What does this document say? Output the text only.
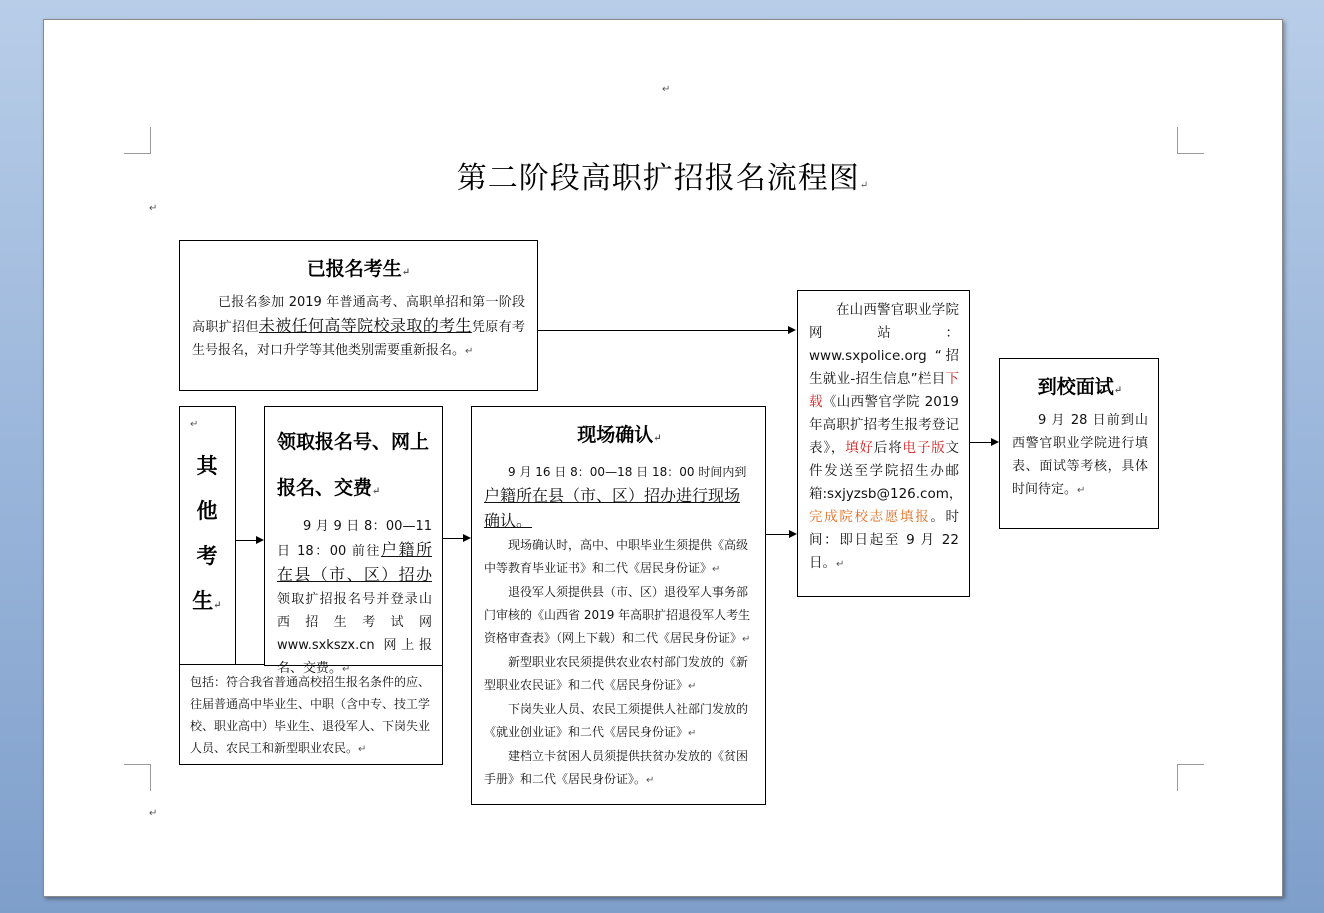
↵
↵
↵
第二阶段高职扩招报名流程图↵
已报名考生↵
已报名参加 2019 年普通高考、高职单招和第一阶段高职扩招但未被任何高等院校录取的考生凭原有考生号报名，对口升学等其他类别需要重新报名。↵
↵
其
他
考
生↵
包括：符合我省普通高校招生报名条件的应、往届普通高中毕业生、中职（含中专、技工学校、职业高中）毕业生、退役军人、下岗失业人员、农民工和新型职业农民。↵
领取报名号、网上报名、交费↵
9 月 9 日 8：00—11 日 18：00 前往户籍所在县（市、区）招办领取扩招报名号并登录山西招生考试网 www.sxkszx.cn 网上报名、交费。↵
现场确认↵
9 月 16 日 8：00—18 日 18：00 时间内到户籍所在县（市、区）招办进行现场确认。
现场确认时，高中、中职毕业生须提供《高级中等教育毕业证书》和二代《居民身份证》↵
退役军人须提供县（市、区）退役军人事务部门审核的《山西省 2019 年高职扩招退役军人考生资格审查表》（网上下载）和二代《居民身份证》↵
新型职业农民须提供农业农村部门发放的《新型职业农民证》和二代《居民身份证》↵
下岗失业人员、农民工须提供人社部门发放的《就业创业证》和二代《居民身份证》↵
建档立卡贫困人员须提供扶贫办发放的《贫困手册》和二代《居民身份证》。↵
在山西警官职业学院网站：www.sxpolice.org “招生就业-招生信息”栏目下载《山西警官学院 2019 年高职扩招考生报考登记表》，填好后将电子版文件发送至学院招生办邮箱:sxjyzsb@126.com，完成院校志愿填报。时间：即日起至 9 月 22 日。↵
到校面试↵
9 月 28 日前到山西警官职业学院进行填表、面试等考核，具体时间待定。↵
